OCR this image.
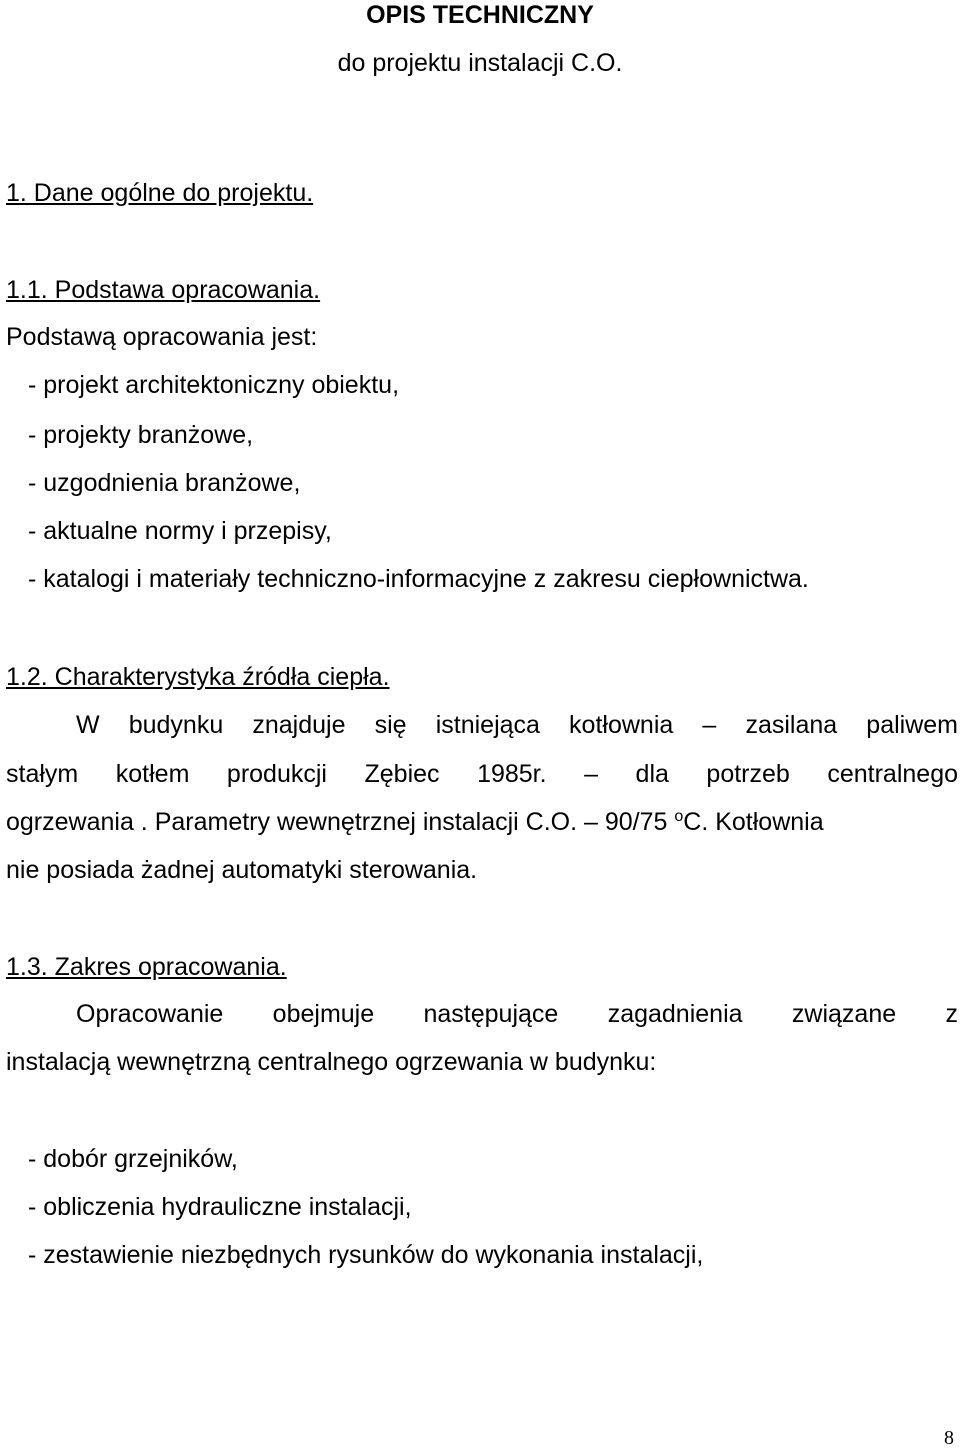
OPIS TECHNICZNY
do projektu instalacji C.O.
1. Dane ogólne do projektu.
1.1. Podstawa opracowania.
Podstawą opracowania jest:
- projekt architektoniczny obiektu,
- projekty branżowe,
- uzgodnienia branżowe,
- aktualne normy i przepisy,
- katalogi i materiały techniczno-informacyjne z zakresu ciepłownictwa.
1.2. Charakterystyka źródła ciepła.
W budynku znajduje się istniejąca kotłownia – zasilana paliwem
stałym kotłem produkcji Zębiec 1985r. – dla potrzeb centralnego
ogrzewania . Parametry wewnętrznej instalacji C.O. – 90/75 $^o$C. Kotłownia
nie posiada żadnej automatyki sterowania.
1.3. Zakres opracowania.
Opracowanie obejmuje następujące zagadnienia związane z
instalacją wewnętrzną centralnego ogrzewania w budynku:
- dobór grzejników,
- obliczenia hydrauliczne instalacji,
- zestawienie niezbędnych rysunków do wykonania instalacji,
8
